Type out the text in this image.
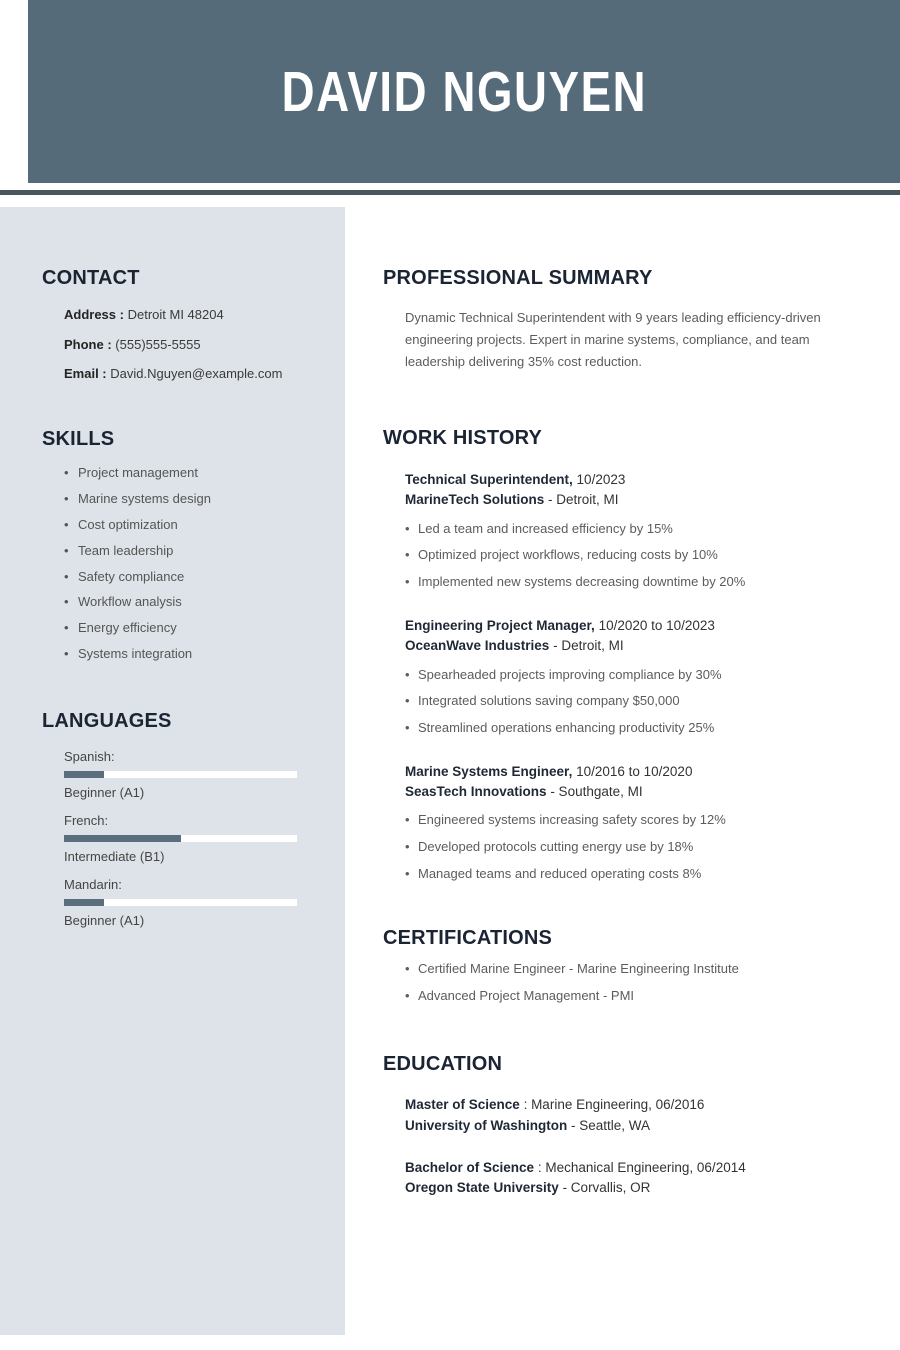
DAVID NGUYEN
CONTACT
Address : Detroit MI 48204
Phone : (555)555-5555
Email : David.Nguyen@example.com
SKILLS
• Project management
• Marine systems design
• Cost optimization
• Team leadership
• Safety compliance
• Workflow analysis
• Energy efficiency
• Systems integration
LANGUAGES
Spanish:
Beginner (A1)
French:
Intermediate (B1)
Mandarin:
Beginner (A1)
PROFESSIONAL SUMMARY

Dynamic Technical Superintendent with 9 years leading efficiency-driven engineering projects. Expert in marine systems, compliance, and team leadership delivering 35% cost reduction.

WORK HISTORY
Technical Superintendent, 10/2023
MarineTech Solutions - Detroit, MI
• Led a team and increased efficiency by 15%
• Optimized project workflows, reducing costs by 10%
• Implemented new systems decreasing downtime by 20%
Engineering Project Manager, 10/2020 to 10/2023
OceanWave Industries - Detroit, MI
• Spearheaded projects improving compliance by 30%
• Integrated solutions saving company $50,000
• Streamlined operations enhancing productivity 25%
Marine Systems Engineer, 10/2016 to 10/2020
SeasTech Innovations - Southgate, MI
• Engineered systems increasing safety scores by 12%
• Developed protocols cutting energy use by 18%
• Managed teams and reduced operating costs 8%
CERTIFICATIONS
• Certified Marine Engineer - Marine Engineering Institute
• Advanced Project Management - PMI
EDUCATION
Master of Science : Marine Engineering, 06/2016
University of Washington - Seattle, WA
Bachelor of Science : Mechanical Engineering, 06/2014
Oregon State University - Corvallis, OR
